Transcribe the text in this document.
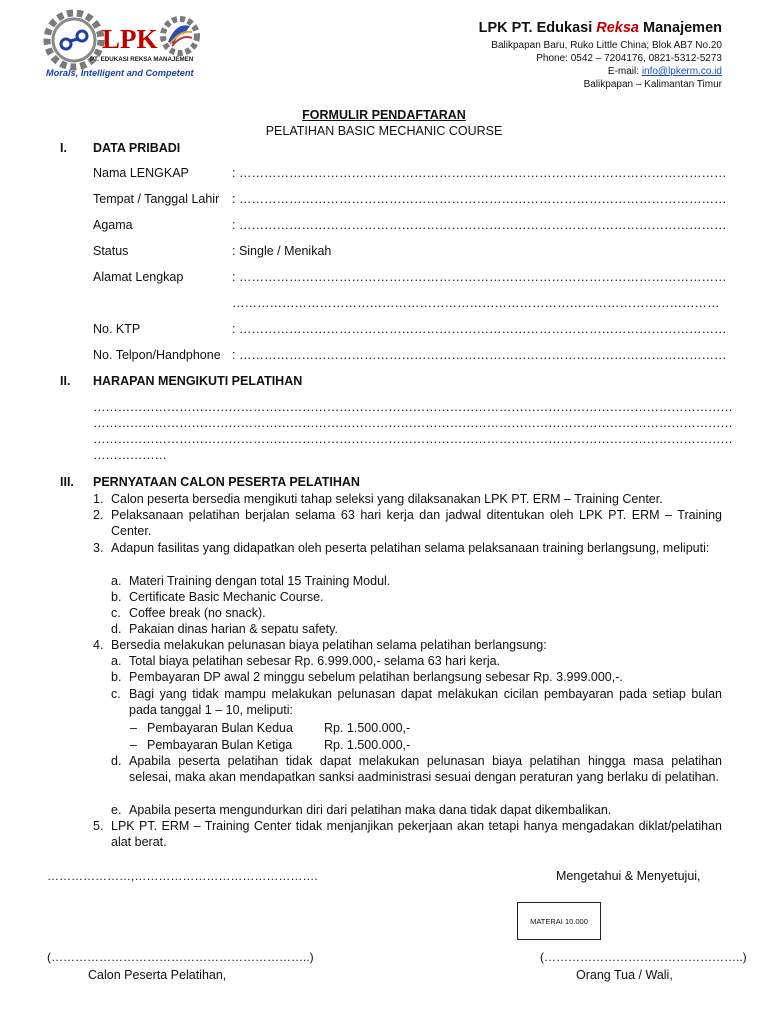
LPK
PT. EDUKASI REKSA MANAJEMEN
Morals, Intelligent and Competent
LPK PT. Edukasi Reksa Manajemen
Balikpapan Baru, Ruko Little China; Blok AB7 No.20
Phone: 0542 – 7204176, 0821-5312-5273
E-mail: info@lpkerm.co.id
Balikpapan – Kalimantan Timur
FORMULIR PENDAFTARAN
PELATIHAN BASIC MECHANIC COURSE
I. DATA PRIBADI
Nama LENGKAP	: ………………………………………………………………………………………………………
Tempat / Tanggal Lahir : ………………………………………………………………………………………………………
Agama	: ………………………………………………………………………………………………………
Status	: Single / Menikah
Alamat Lengkap	: ………………………………………………………………………………………………………
………………………………………………………………………………………………………
No. KTP	: ………………………………………………………………………………………………………
No. Telpon/Handphone : ………………………………………………………………………………………………………
II. HARAPAN MENGIKUTI PELATIHAN
…………………………………………………………………………………………………………………………………………
…………………………………………………………………………………………………………………………………………
…………………………………………………………………………………………………………………………………………
………………
III. PERNYATAAN CALON PESERTA PELATIHAN
1. Calon peserta bersedia mengikuti tahap seleksi yang dilaksanakan LPK PT. ERM – Training Center.
2. Pelaksanaan pelatihan berjalan selama 63 hari kerja dan jadwal ditentukan oleh LPK PT. ERM – Training Center.
3. Adapun fasilitas yang didapatkan oleh peserta pelatihan selama pelaksanaan training berlangsung, meliputi:
a. Materi Training dengan total 15 Training Modul.
b. Certificate Basic Mechanic Course.
c. Coffee break (no snack).
d. Pakaian dinas harian & sepatu safety.
4. Bersedia melakukan pelunasan biaya pelatihan selama pelatihan berlangsung:
a. Total biaya pelatihan sebesar Rp. 6.999.000,- selama 63 hari kerja.
b. Pembayaran DP awal 2 minggu sebelum pelatihan berlangsung sebesar Rp. 3.999.000,-.
c. Bagi yang tidak mampu melakukan pelunasan dapat melakukan cicilan pembayaran pada setiap bulan pada tanggal 1 – 10, meliputi:
– Pembayaran Bulan Kedua Rp. 1.500.000,-
– Pembayaran Bulan Ketiga	Rp. 1.500.000,-
d. Apabila peserta pelatihan tidak dapat melakukan pelunasan biaya pelatihan hingga masa pelatihan selesai, maka akan mendapatkan sanksi aadministrasi sesuai dengan peraturan yang berlaku di pelatihan.
e. Apabila peserta mengundurkan diri dari pelatihan maka dana tidak dapat dikembalikan.
5. LPK PT. ERM – Training Center tidak menjanjikan pekerjaan akan tetapi hanya mengadakan diklat/pelatihan alat berat.
…………………,……………………………………….	Mengetahui & Menyetujui,
MATERAI 10.000
(………………………………………………………..)	(…………………………………………..)
Calon Peserta Pelatihan,	Orang Tua / Wali,
